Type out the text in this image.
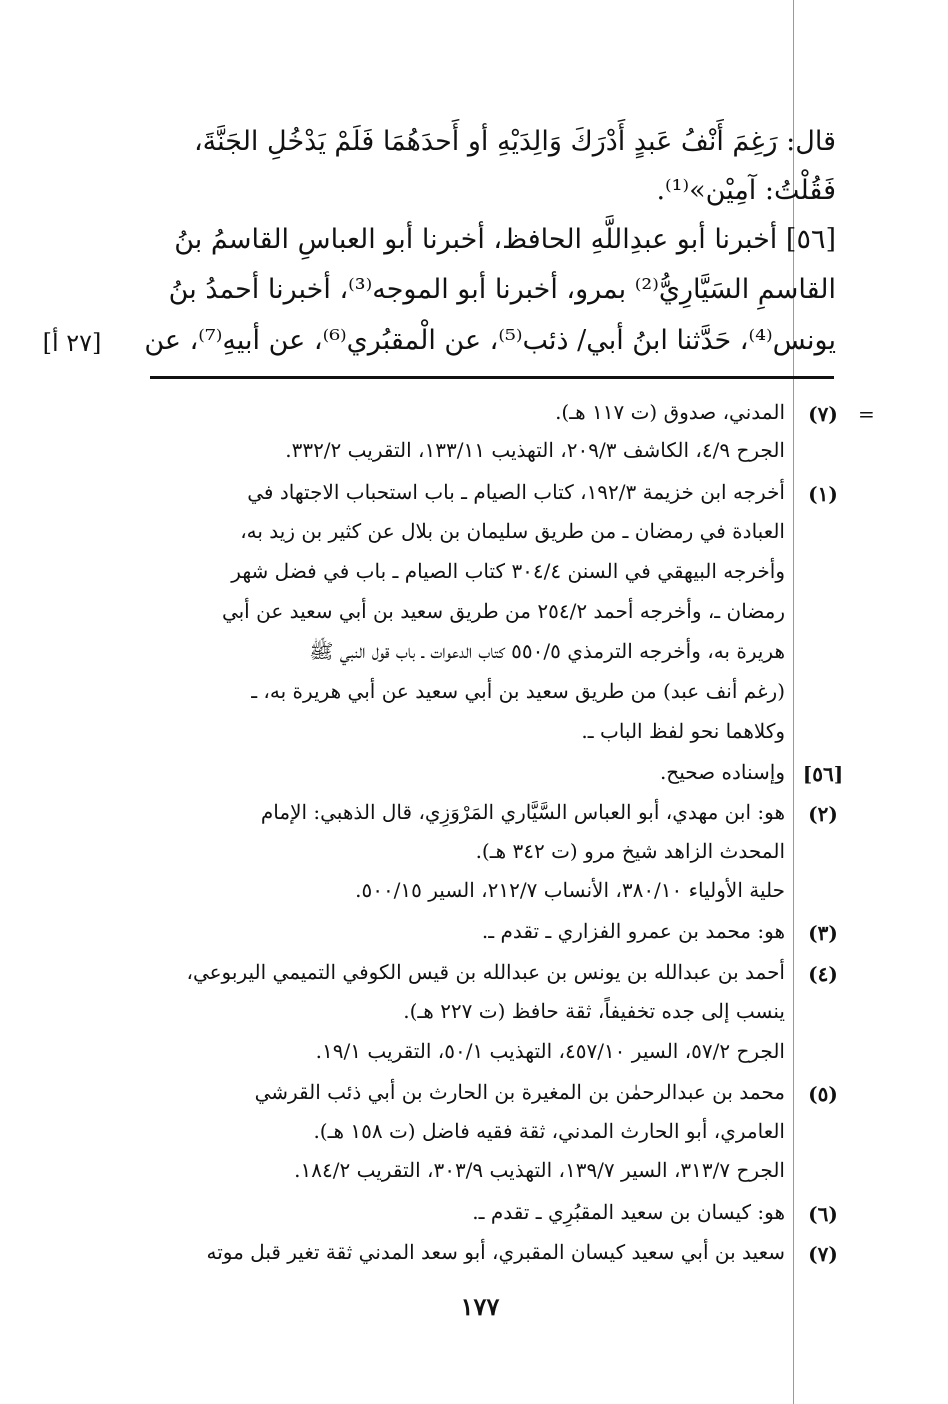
قال: رَغِمَ أَنْفُ عَبدٍ أَدْرَكَ وَالِدَيْهِ أو أَحدَهُمَا فَلَمْ يَدْخُلِ الجَنَّةَ،
فَقُلْتُ: آمِيْن»⁽¹⁾.
[٥٦] أخبرنا أبو عبدِاللَّهِ الحافظ، أخبرنا أبو العباسِ القاسمُ بنُ
القاسمِ السَيَّارِيُّ⁽²⁾ بمرو، أخبرنا أبو الموجه⁽³⁾، أخبرنا أحمدُ بنُ
يونس⁽⁴⁾، حَدَّثنا ابنُ أبي/ ذئب⁽⁵⁾، عن الْمقبُري⁽⁶⁾، عن أبيهِ⁽⁷⁾، عن
[٢٧ أ]
=
(٧)
المدني، صدوق (ت ١١٧ هـ).
الجرح ٤/٩، الكاشف ٢٠٩/٣، التهذيب ١٣٣/١١، التقريب ٣٣٢/٢.
(١)
أخرجه ابن خزيمة ١٩٢/٣، كتاب الصيام ـ باب استحباب الاجتهاد في
العبادة في رمضان ـ من طريق سليمان بن بلال عن كثير بن زيد به،
وأخرجه البيهقي في السنن ٣٠٤/٤ كتاب الصيام ـ باب في فضل شهر
رمضان ـ، وأخرجه أحمد ٢٥٤/٢ من طريق سعيد بن أبي سعيد عن أبي
هريرة به، وأخرجه الترمذي ٥٥٠/٥ كتاب الدعوات ـ باب قول النبي ﷺ
(رغم أنف عبد) من طريق سعيد بن أبي سعيد عن أبي هريرة به، ـ
وكلاهما نحو لفظ الباب ـ.
[٥٦]
وإسناده صحيح.
(٢)
هو: ابن مهدي، أبو العباس السَّيَّاري المَرْوَزِي، قال الذهبي: الإمام
المحدث الزاهد شيخ مرو (ت ٣٤٢ هـ).
حلية الأولياء ٣٨٠/١٠، الأنساب ٢١٢/٧، السير ٥٠٠/١٥.
(٣)
هو: محمد بن عمرو الفزاري ـ تقدم ـ.
(٤)
أحمد بن عبدالله بن يونس بن عبدالله بن قيس الكوفي التميمي اليربوعي،
ينسب إلى جده تخفيفاً، ثقة حافظ (ت ٢٢٧ هـ).
الجرح ٥٧/٢، السير ٤٥٧/١٠، التهذيب ٥٠/١، التقريب ١٩/١.
(٥)
محمد بن عبدالرحمٰن بن المغيرة بن الحارث بن أبي ذئب القرشي
العامري، أبو الحارث المدني، ثقة فقيه فاضل (ت ١٥٨ هـ).
الجرح ٣١٣/٧، السير ١٣٩/٧، التهذيب ٣٠٣/٩، التقريب ١٨٤/٢.
(٦)
هو: كيسان بن سعيد المقبُرِي ـ تقدم ـ.
(٧)
سعيد بن أبي سعيد كيسان المقبري، أبو سعد المدني ثقة تغير قبل موته
١٧٧
